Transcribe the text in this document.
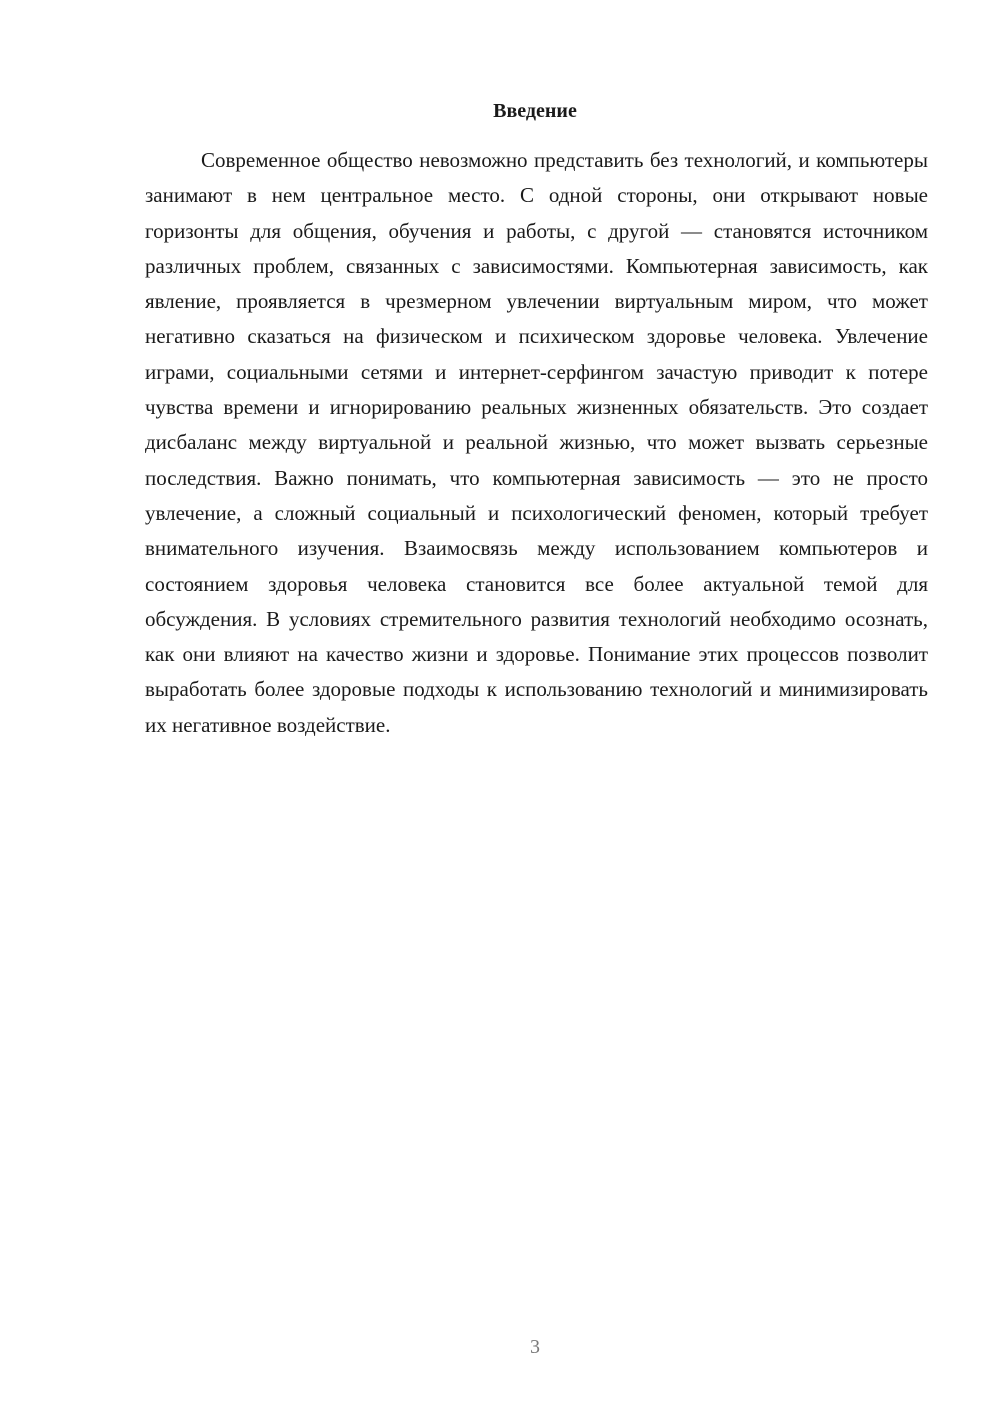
Введение

Современное общество невозможно представить без технологий, и компьютеры занимают в нем центральное место. С одной стороны, они открывают новые горизонты для общения, обучения и работы, с другой — становятся источником различных проблем, связанных с зависимостями. Компьютерная зависимость, как явление, проявляется в чрезмерном увлечении виртуальным миром, что может негативно сказаться на физическом и психическом здоровье человека. Увлечение играми, социальными сетями и интернет-серфингом зачастую приводит к потере чувства времени и игнорированию реальных жизненных обязательств. Это создает дисбаланс между виртуальной и реальной жизнью, что может вызвать серьезные последствия. Важно понимать, что компьютерная зависимость — это не просто увлечение, а сложный социальный и психологический феномен, который требует внимательного изучения. Взаимосвязь между использованием компьютеров и состоянием здоровья человека становится все более актуальной темой для обсуждения. В условиях стремительного развития технологий необходимо осознать, как они влияют на качество жизни и здоровье. Понимание этих процессов позволит выработать более здоровые подходы к использованию технологий и минимизировать их негативное воздействие.

3
